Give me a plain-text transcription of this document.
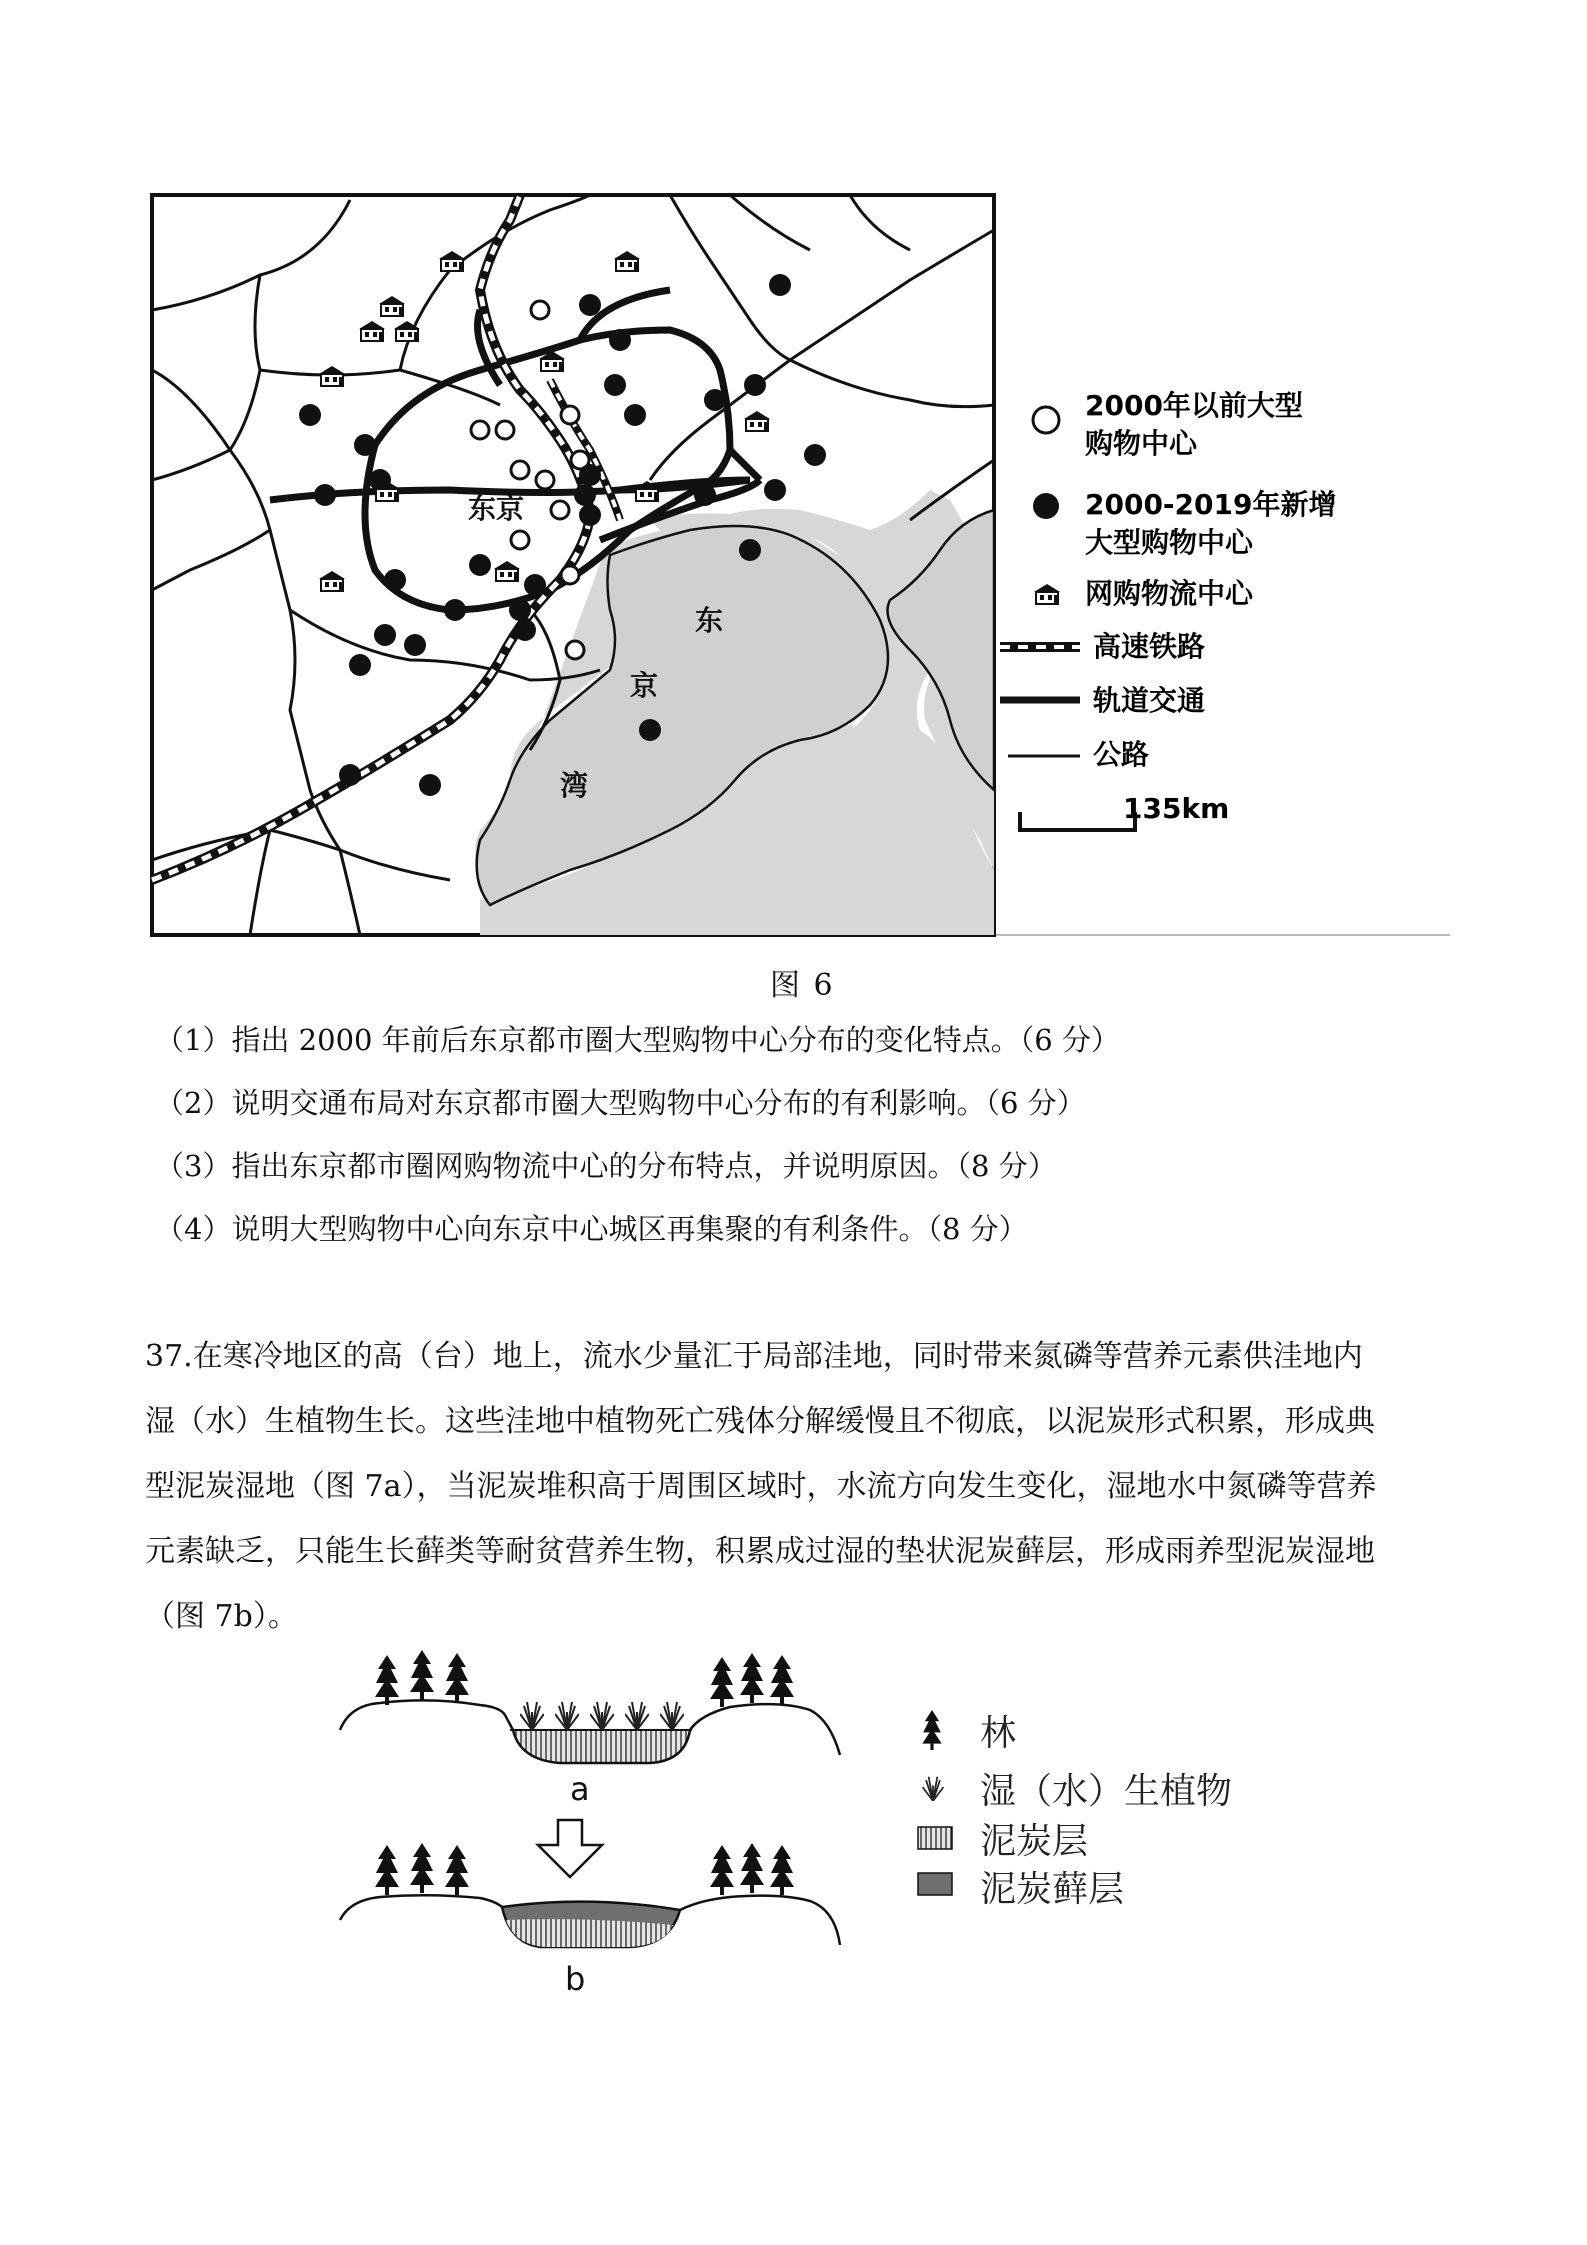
东京
东
京
湾
2000年以前大型
购物中心
2000-2019年新增
大型购物中心
网购物流中心
高速铁路
轨道交通
公路
135km
图 6
（1）指出 2000 年前后东京都市圈大型购物中心分布的变化特点。（6 分）
（2）说明交通布局对东京都市圈大型购物中心分布的有利影响。（6 分）
（3）指出东京都市圈网购物流中心的分布特点，并说明原因。（8 分）
（4）说明大型购物中心向东京中心城区再集聚的有利条件。（8 分）
37.在寒冷地区的高（台）地上，流水少量汇于局部洼地，同时带来氮磷等营养元素供洼地内
湿（水）生植物生长。这些洼地中植物死亡残体分解缓慢且不彻底，以泥炭形式积累，形成典
型泥炭湿地（图 7a），当泥炭堆积高于周围区域时，水流方向发生变化，湿地水中氮磷等营养
元素缺乏，只能生长藓类等耐贫营养生物，积累成过湿的垫状泥炭藓层，形成雨养型泥炭湿地
（图 7b）。
a
b
林
湿（水）生植物
泥炭层
泥炭藓层
